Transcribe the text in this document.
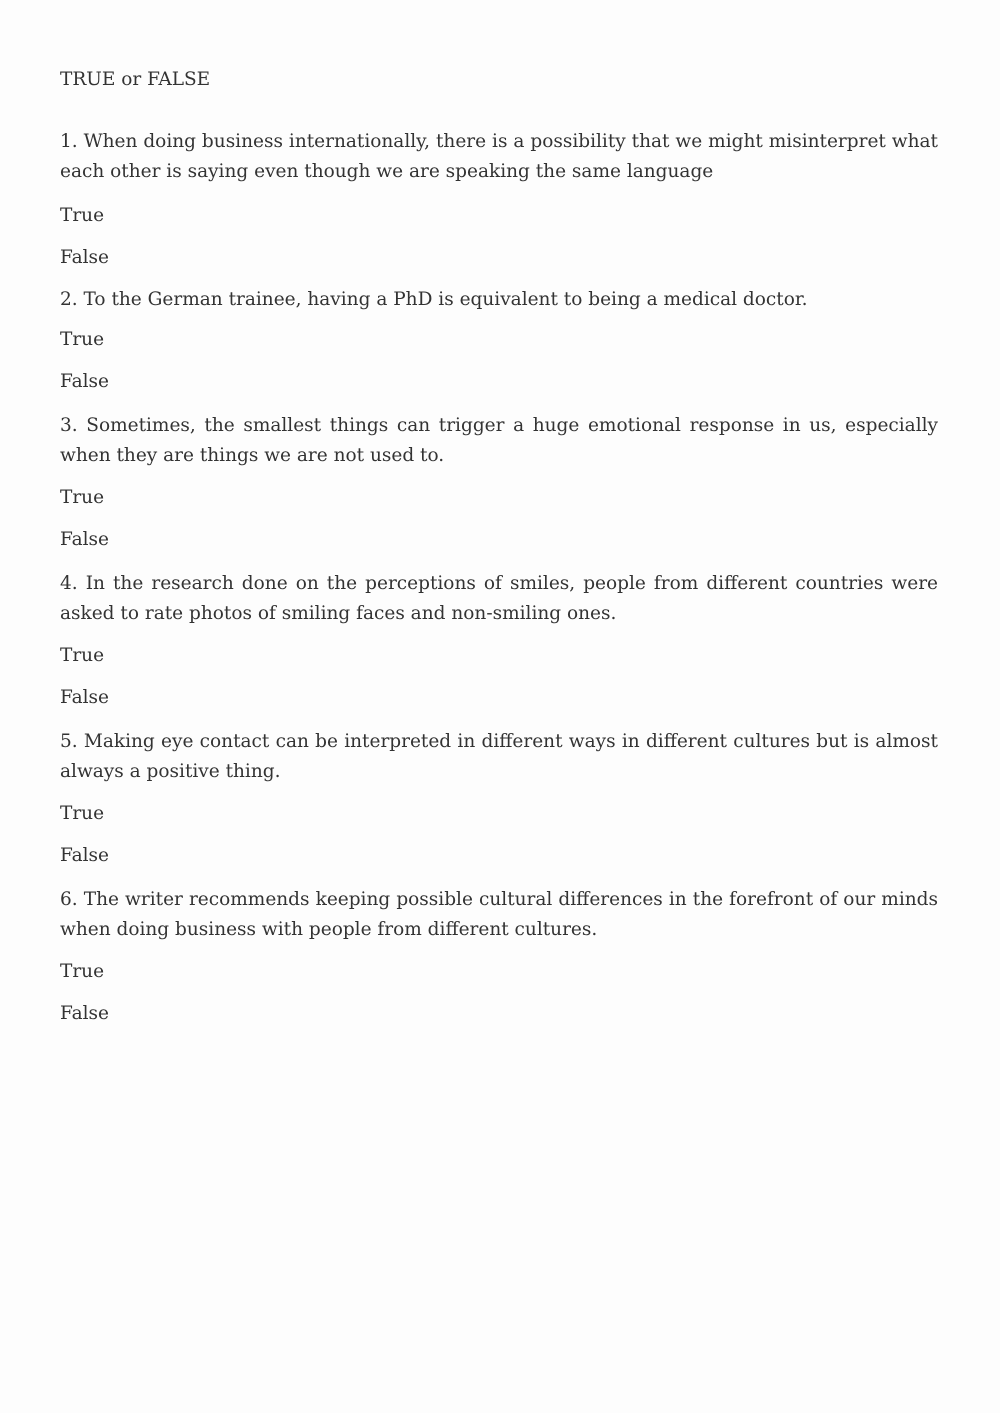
TRUE or FALSE

1. When doing business internationally, there is a possibility that we might misinterpret what each other is saying even though we are speaking the same language

True

False

2. To the German trainee, having a PhD is equivalent to being a medical doctor.

True

False

3. Sometimes, the smallest things can trigger a huge emotional response in us, especially when they are things we are not used to.

True

False

4. In the research done on the perceptions of smiles, people from different countries were asked to rate photos of smiling faces and non-smiling ones.

True

False

5. Making eye contact can be interpreted in different ways in different cultures but is almost always a positive thing.

True

False

6. The writer recommends keeping possible cultural differences in the forefront of our minds when doing business with people from different cultures.

True

False
